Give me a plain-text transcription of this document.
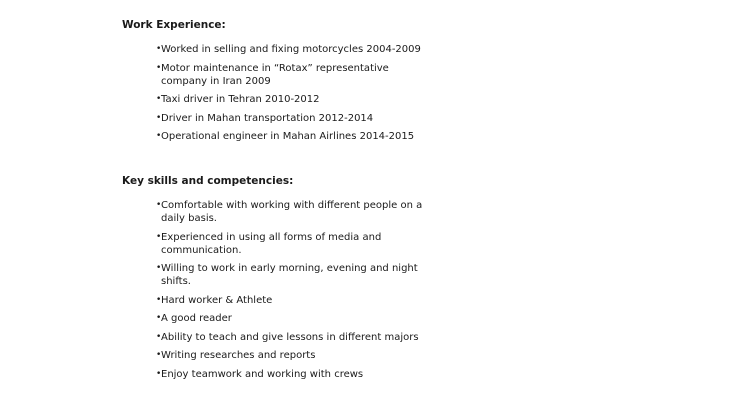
Work Experience:
• Worked in selling and fixing motorcycles 2004-2009
• Motor maintenance in “Rotax” representative company in Iran 2009
• Taxi driver in Tehran 2010-2012
• Driver in Mahan transportation 2012-2014
• Operational engineer in Mahan Airlines 2014-2015
Key skills and competencies:
• Comfortable with working with different people on a daily basis.
• Experienced in using all forms of media and communication.
• Willing to work in early morning, evening and night shifts.
• Hard worker & Athlete
• A good reader
• Ability to teach and give lessons in different majors
• Writing researches and reports
• Enjoy teamwork and working with crews
